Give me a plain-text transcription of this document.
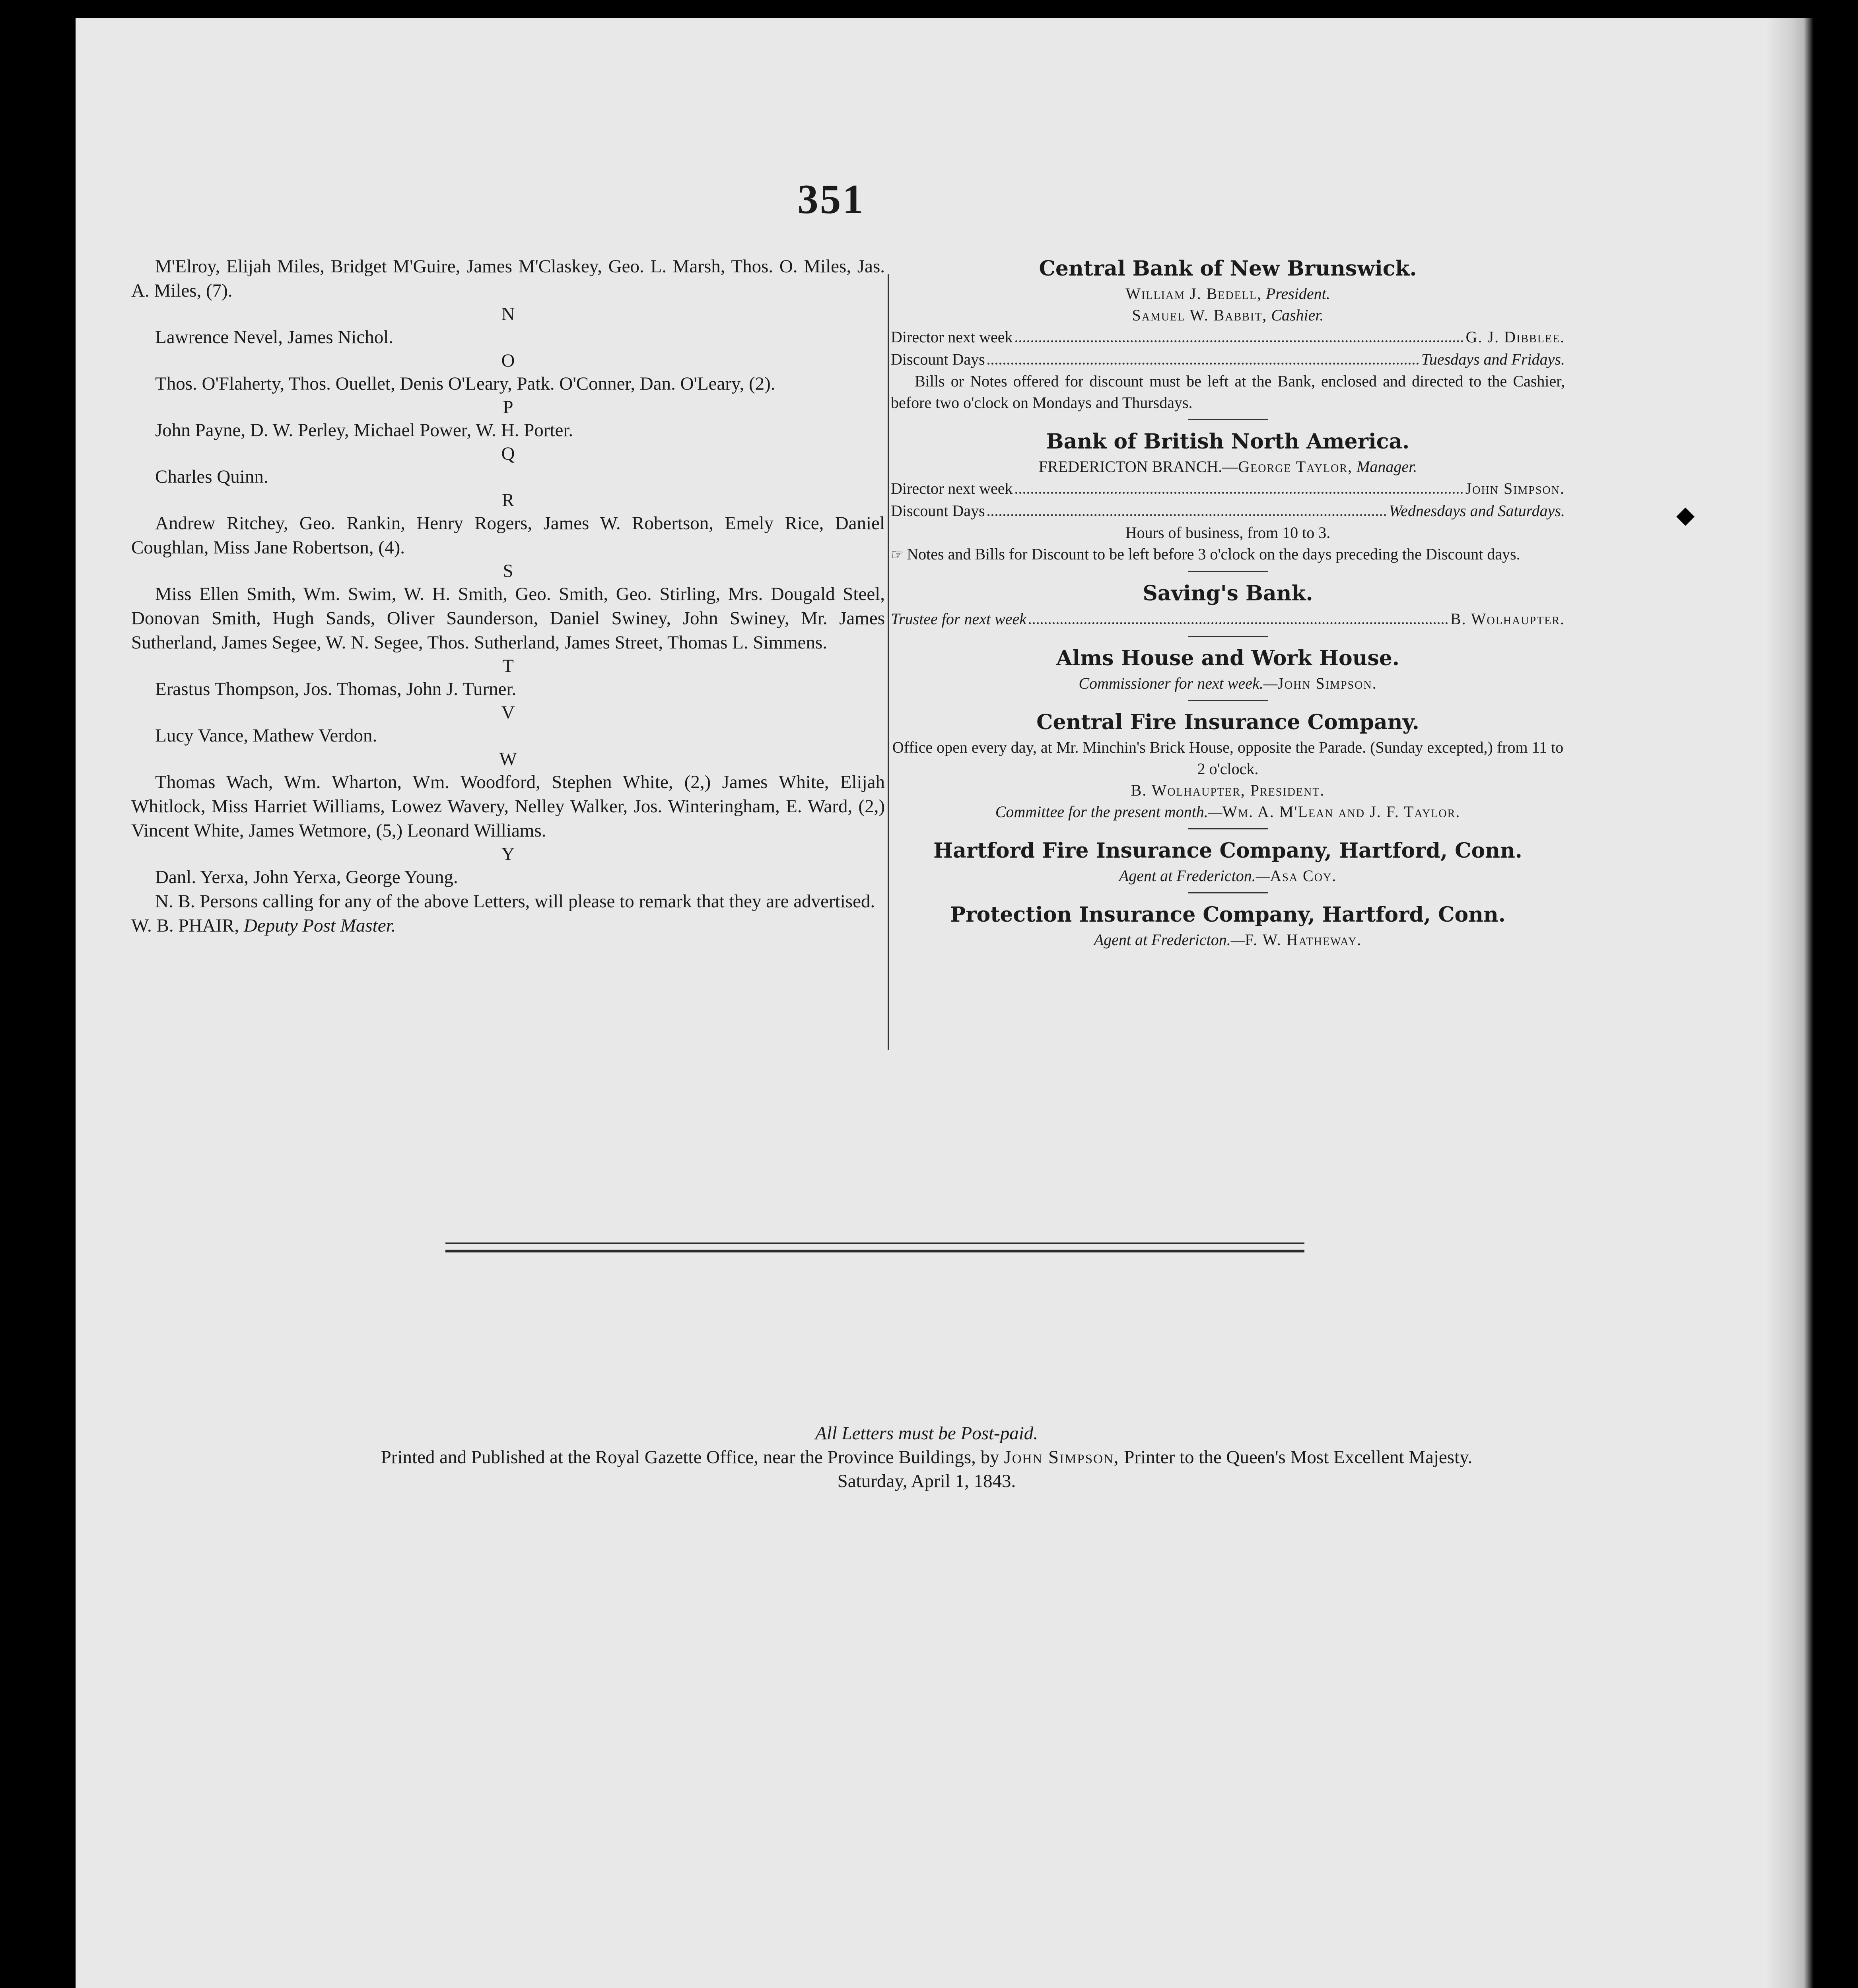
351

M'Elroy, Elijah Miles, Bridget M'Guire, James M'Claskey, Geo. L. Marsh, Thos. O. Miles, Jas. A. Miles, (7).

N

Lawrence Nevel, James Nichol.

O

Thos. O'Flaherty, Thos. Ouellet, Denis O'Leary, Patk. O'Conner, Dan. O'Leary, (2).

P

John Payne, D. W. Perley, Michael Power, W. H. Porter.

Q

Charles Quinn.

R

Andrew Ritchey, Geo. Rankin, Henry Rogers, James W. Robertson, Emely Rice, Daniel Coughlan, Miss Jane Robertson, (4).

S

Miss Ellen Smith, Wm. Swim, W. H. Smith, Geo. Smith, Geo. Stirling, Mrs. Dougald Steel, Donovan Smith, Hugh Sands, Oliver Saunderson, Daniel Swiney, John Swiney, Mr. James Sutherland, James Segee, W. N. Segee, Thos. Sutherland, James Street, Thomas L. Simmens.

T

Erastus Thompson, Jos. Thomas, John J. Turner.

V

Lucy Vance, Mathew Verdon.

W

Thomas Wach, Wm. Wharton, Wm. Woodford, Stephen White, (2,) James White, Elijah Whitlock, Miss Harriet Williams, Lowez Wavery, Nelley Walker, Jos. Winteringham, E. Ward, (2,) Vincent White, James Wetmore, (5,) Leonard Williams.

Y

Danl. Yerxa, John Yerxa, George Young.

N. B. Persons calling for any of the above Letters, will please to remark that they are advertised.

W. B. PHAIR, Deputy Post Master.

Central Bank of New Brunswick.

William J. Bedell, President.

Samuel W. Babbit, Cashier.

Director next week	G. J. Dibblee.

Discount Days	Tuesdays and Fridays.

Bills or Notes offered for discount must be left at the Bank, enclosed and directed to the Cashier, before two o'clock on Mondays and Thursdays.

Bank of British North America.

FREDERICTON BRANCH.—George Taylor, Manager.

Director next week	John Simpson.

Discount Days	Wednesdays and Saturdays.

Hours of business, from 10 to 3.

☞ Notes and Bills for Discount to be left before 3 o'clock on the days preceding the Discount days.

Saving's Bank.

Trustee for next week	B. Wolhaupter.

Alms House and Work House.

Commissioner for next week.—John Simpson.

Central Fire Insurance Company.

Office open every day, at Mr. Minchin's Brick House, opposite the Parade. (Sunday excepted,) from 11 to 2 o'clock.

B. Wolhaupter, President.

Committee for the present month.—Wm. A. M'Lean and J. F. Taylor.

Hartford Fire Insurance Company, Hartford, Conn.

Agent at Fredericton.—Asa Coy.

Protection Insurance Company, Hartford, Conn.

Agent at Fredericton.—F. W. Hatheway.

All Letters must be Post-paid.

Printed and Published at the Royal Gazette Office, near the Province Buildings, by John Simpson, Printer to the Queen's Most Excellent Majesty.

Saturday, April 1, 1843.

◆
